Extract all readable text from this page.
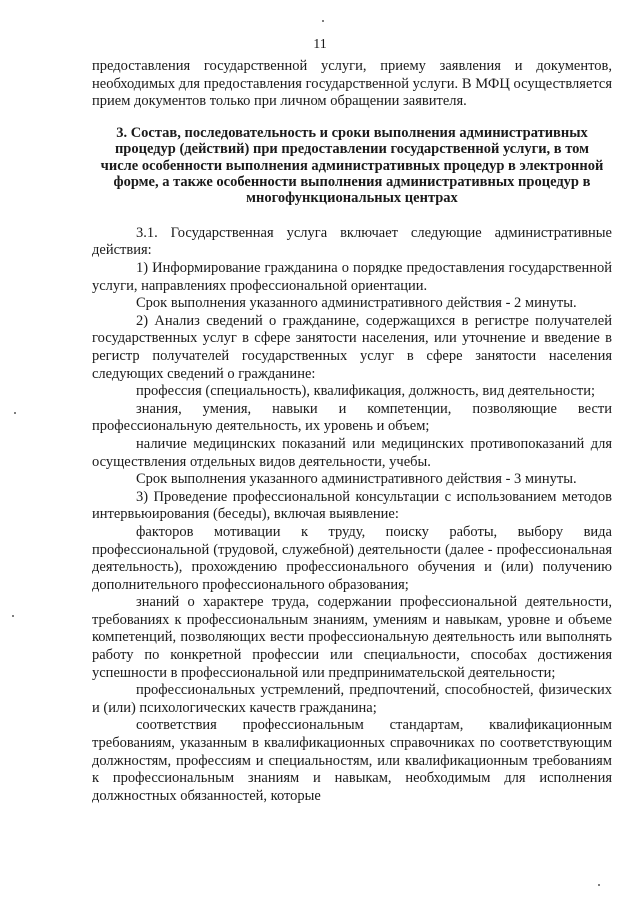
11

предоставления государственной услуги, приему заявления и документов, необходимых для предоставления государственной услуги. В МФЦ осуществляется прием документов только при личном обращении заявителя.

3. Состав, последовательность и сроки выполнения административных процедур (действий) при предоставлении государственной услуги, в том числе особенности выполнения административных процедур в электронной форме, а также особенности выполнения административных процедур в многофункциональных центрах

3.1. Государственная услуга включает следующие административные действия:

1) Информирование гражданина о порядке предоставления государственной услуги, направлениях профессиональной ориентации.

Срок выполнения указанного административного действия - 2 минуты.

2) Анализ сведений о гражданине, содержащихся в регистре получателей государственных услуг в сфере занятости населения, или уточнение и введение в регистр получателей государственных услуг в сфере занятости населения следующих сведений о гражданине:

профессия (специальность), квалификация, должность, вид деятельности;

знания, умения, навыки и компетенции, позволяющие вести профессиональную деятельность, их уровень и объем;

наличие медицинских показаний или медицинских противопоказаний для осуществления отдельных видов деятельности, учебы.

Срок выполнения указанного административного действия - 3 минуты.

3) Проведение профессиональной консультации с использованием методов интервьюирования (беседы), включая выявление:

факторов мотивации к труду, поиску работы, выбору вида профессиональной (трудовой, служебной) деятельности (далее - профессиональная деятельность), прохождению профессионального обучения и (или) получению дополнительного профессионального образования;

знаний о характере труда, содержании профессиональной деятельности, требованиях к профессиональным знаниям, умениям и навыкам, уровне и объеме компетенций, позволяющих вести профессиональную деятельность или выполнять работу по конкретной профессии или специальности, способах достижения успешности в профессиональной или предпринимательской деятельности;

профессиональных устремлений, предпочтений, способностей, физических и (или) психологических качеств гражданина;

соответствия профессиональным стандартам, квалификационным требованиям, указанным в квалификационных справочниках по соответствующим должностям, профессиям и специальностям, или квалификационным требованиям к профессиональным знаниям и навыкам, необходимым для исполнения должностных обязанностей, которые
